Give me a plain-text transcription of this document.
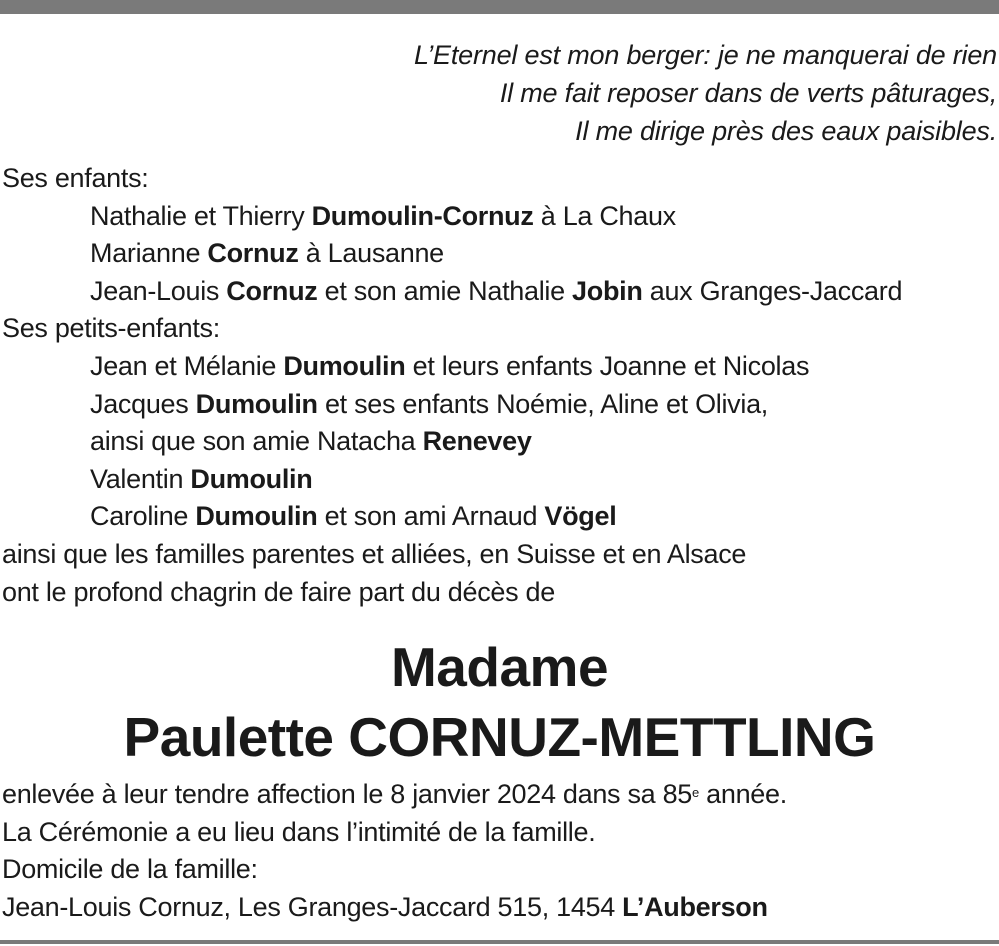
L’Eternel est mon berger: je ne manquerai de rien
Il me fait reposer dans de verts pâturages,
Il me dirige près des eaux paisibles.
Ses enfants:
Nathalie et Thierry Dumoulin-Cornuz à La Chaux
Marianne Cornuz à Lausanne
Jean-Louis Cornuz et son amie Nathalie Jobin aux Granges-Jaccard
Ses petits-enfants:
Jean et Mélanie Dumoulin et leurs enfants Joanne et Nicolas
Jacques Dumoulin et ses enfants Noémie, Aline et Olivia,
ainsi que son amie Natacha Renevey
Valentin Dumoulin
Caroline Dumoulin et son ami Arnaud Vögel
ainsi que les familles parentes et alliées, en Suisse et en Alsace
ont le profond chagrin de faire part du décès de
Madame
Paulette CORNUZ-METTLING
enlevée à leur tendre affection le 8 janvier 2024 dans sa 85e année.
La Cérémonie a eu lieu dans l’intimité de la famille.
Domicile de la famille:
Jean-Louis Cornuz, Les Granges-Jaccard 515, 1454 L’Auberson
